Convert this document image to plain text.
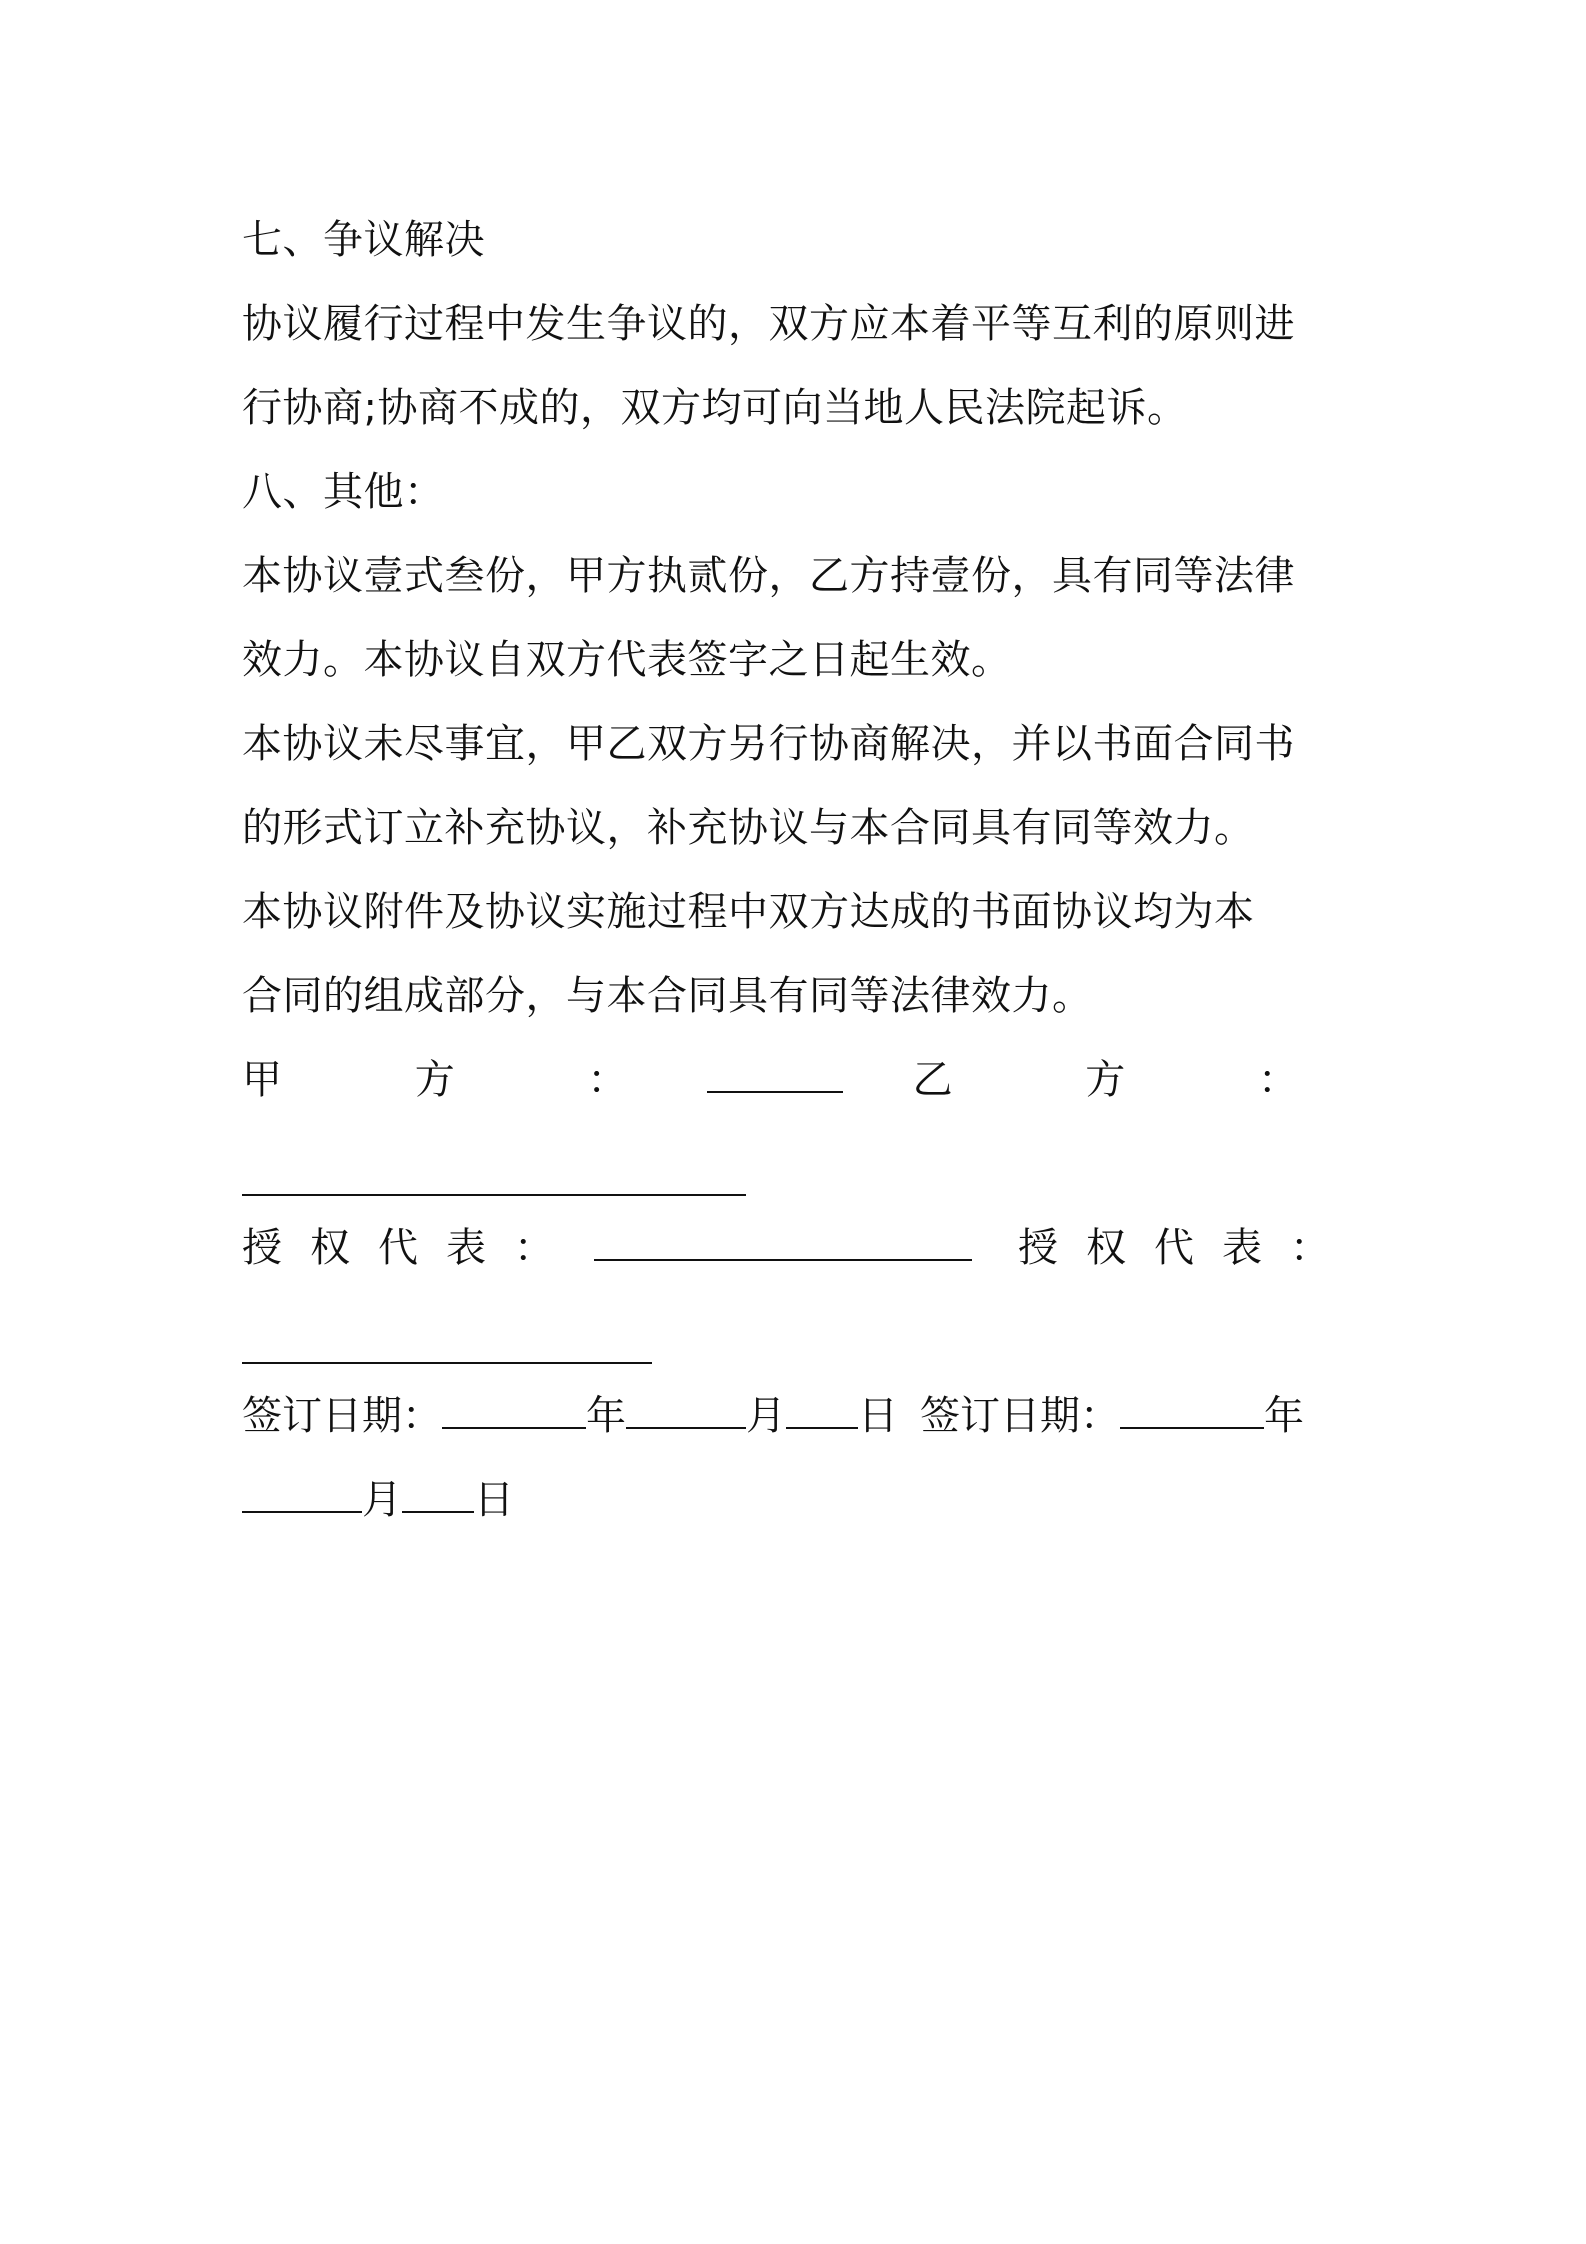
七、争议解决
协议履行过程中发生争议的，双方应本着平等互利的原则进
行协商;协商不成的，双方均可向当地人民法院起诉。
八、其他：
本协议壹式叁份，甲方执贰份，乙方持壹份，具有同等法律
效力。本协议自双方代表签字之日起生效。
本协议未尽事宜，甲乙双方另行协商解决，并以书面合同书
的形式订立补充协议，补充协议与本合同具有同等效力。
本协议附件及协议实施过程中双方达成的书面协议均为本
合同的组成部分，与本合同具有同等法律效力。
甲 方 ：	乙 方 ：
授权代表：	授权代表：
签订日期：	年	月 日 签订日期：	年
月 日
